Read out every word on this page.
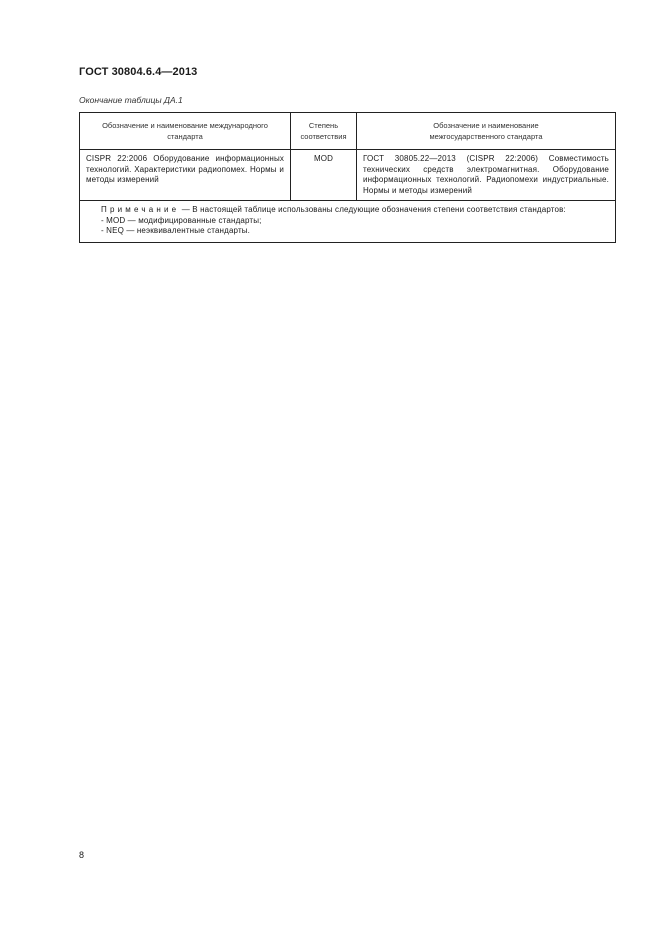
ГОСТ 30804.6.4—2013
Окончание таблицы ДА.1
Обозначение и наименование международного стандарта	Степень соответствия	Обозначение и наименование межгосударственного стандарта

CISPR 22:2006 Оборудование информационных технологий. Характеристики радиопомех. Нормы и методы измерений	MOD	ГОСТ 30805.22—2013 (CISPR 22:2006) Совместимость технических средств электромагнитная. Оборудование информационных технологий. Радиопомехи индустриальные. Нормы и методы измерений

Примечание — В настоящей таблице использованы следующие обозначения степени соответствия стандартов:
- MOD — модифицированные стандарты;
- NEQ — неэквивалентные стандарты.		
8
